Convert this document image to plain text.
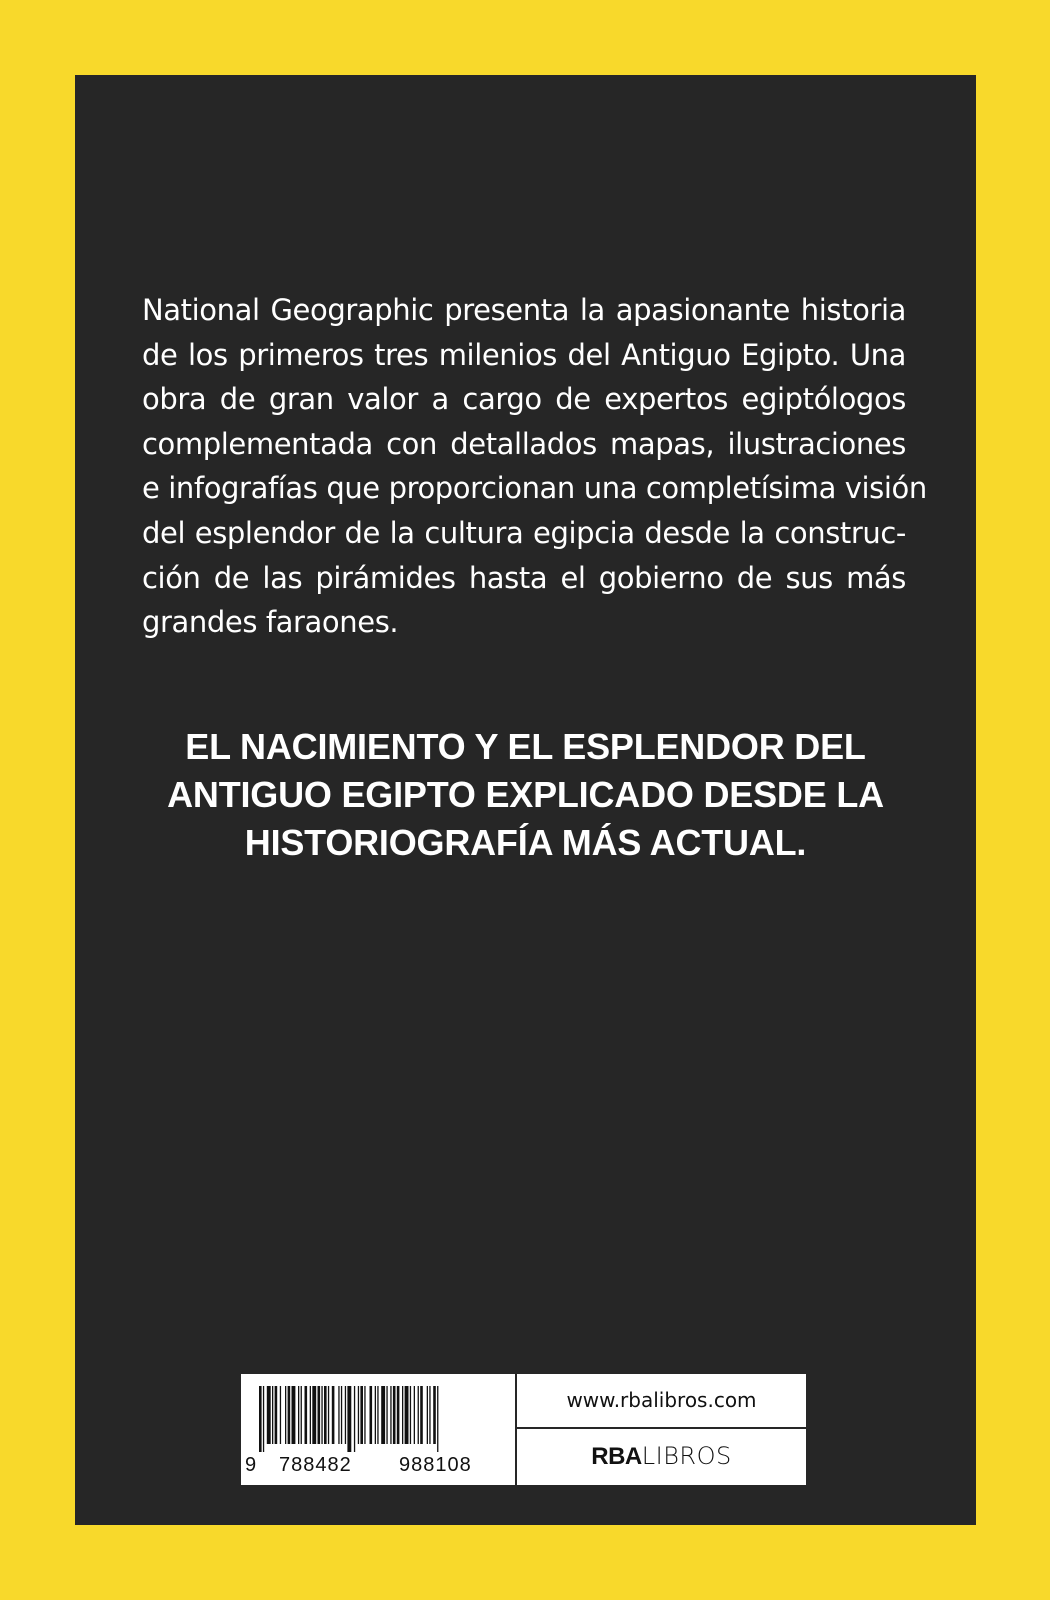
National Geographic presenta la apasionante historia
de los primeros tres milenios del Antiguo Egipto. Una
obra de gran valor a cargo de expertos egiptólogos
complementada con detallados mapas, ilustraciones
e infografías que proporcionan una completísima visión
del esplendor de la cultura egipcia desde la construc-
ción de las pirámides hasta el gobierno de sus más
grandes faraones.
EL NACIMIENTO Y EL ESPLENDOR DEL
ANTIGUO EGIPTO EXPLICADO DESDE LA
HISTORIOGRAFÍA MÁS ACTUAL.
9 788482 988108
www.rbalibros.com
RBALIBROS
